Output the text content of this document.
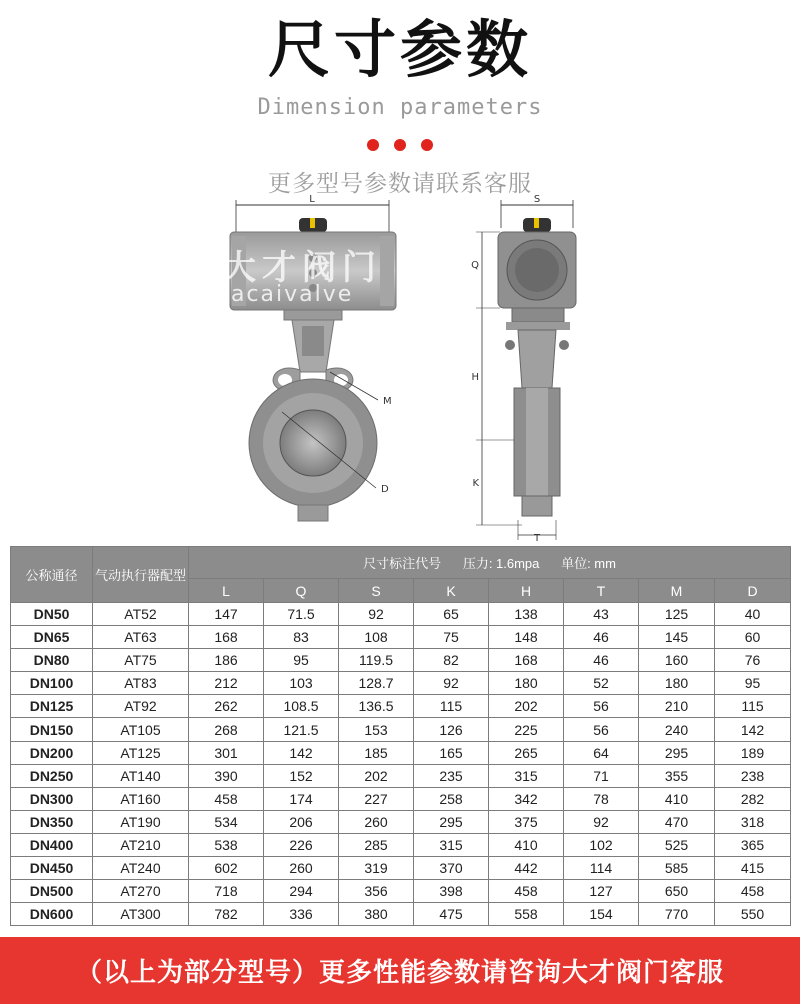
尺寸参数
Dimension parameters
更多型号参数请联系客服
L
M
D
S
Q
H
K
T
大才阀门
Dacaivalve
公称通径	气动执行器配型	尺寸标注代号 压力: 1.6mpa 单位: mm							
		L	Q	S	K	H	T	M	D
DN50	AT52	147	71.5	92	65	138	43	125	40
DN65	AT63	168	83	108	75	148	46	145	60
DN80	AT75	186	95	119.5	82	168	46	160	76
DN100	AT83	212	103	128.7	92	180	52	180	95
DN125	AT92	262	108.5	136.5	115	202	56	210	115
DN150	AT105	268	121.5	153	126	225	56	240	142
DN200	AT125	301	142	185	165	265	64	295	189
DN250	AT140	390	152	202	235	315	71	355	238
DN300	AT160	458	174	227	258	342	78	410	282
DN350	AT190	534	206	260	295	375	92	470	318
DN400	AT210	538	226	285	315	410	102	525	365
DN450	AT240	602	260	319	370	442	114	585	415
DN500	AT270	718	294	356	398	458	127	650	458
DN600	AT300	782	336	380	475	558	154	770	550
（以上为部分型号）更多性能参数请咨询大才阀门客服
